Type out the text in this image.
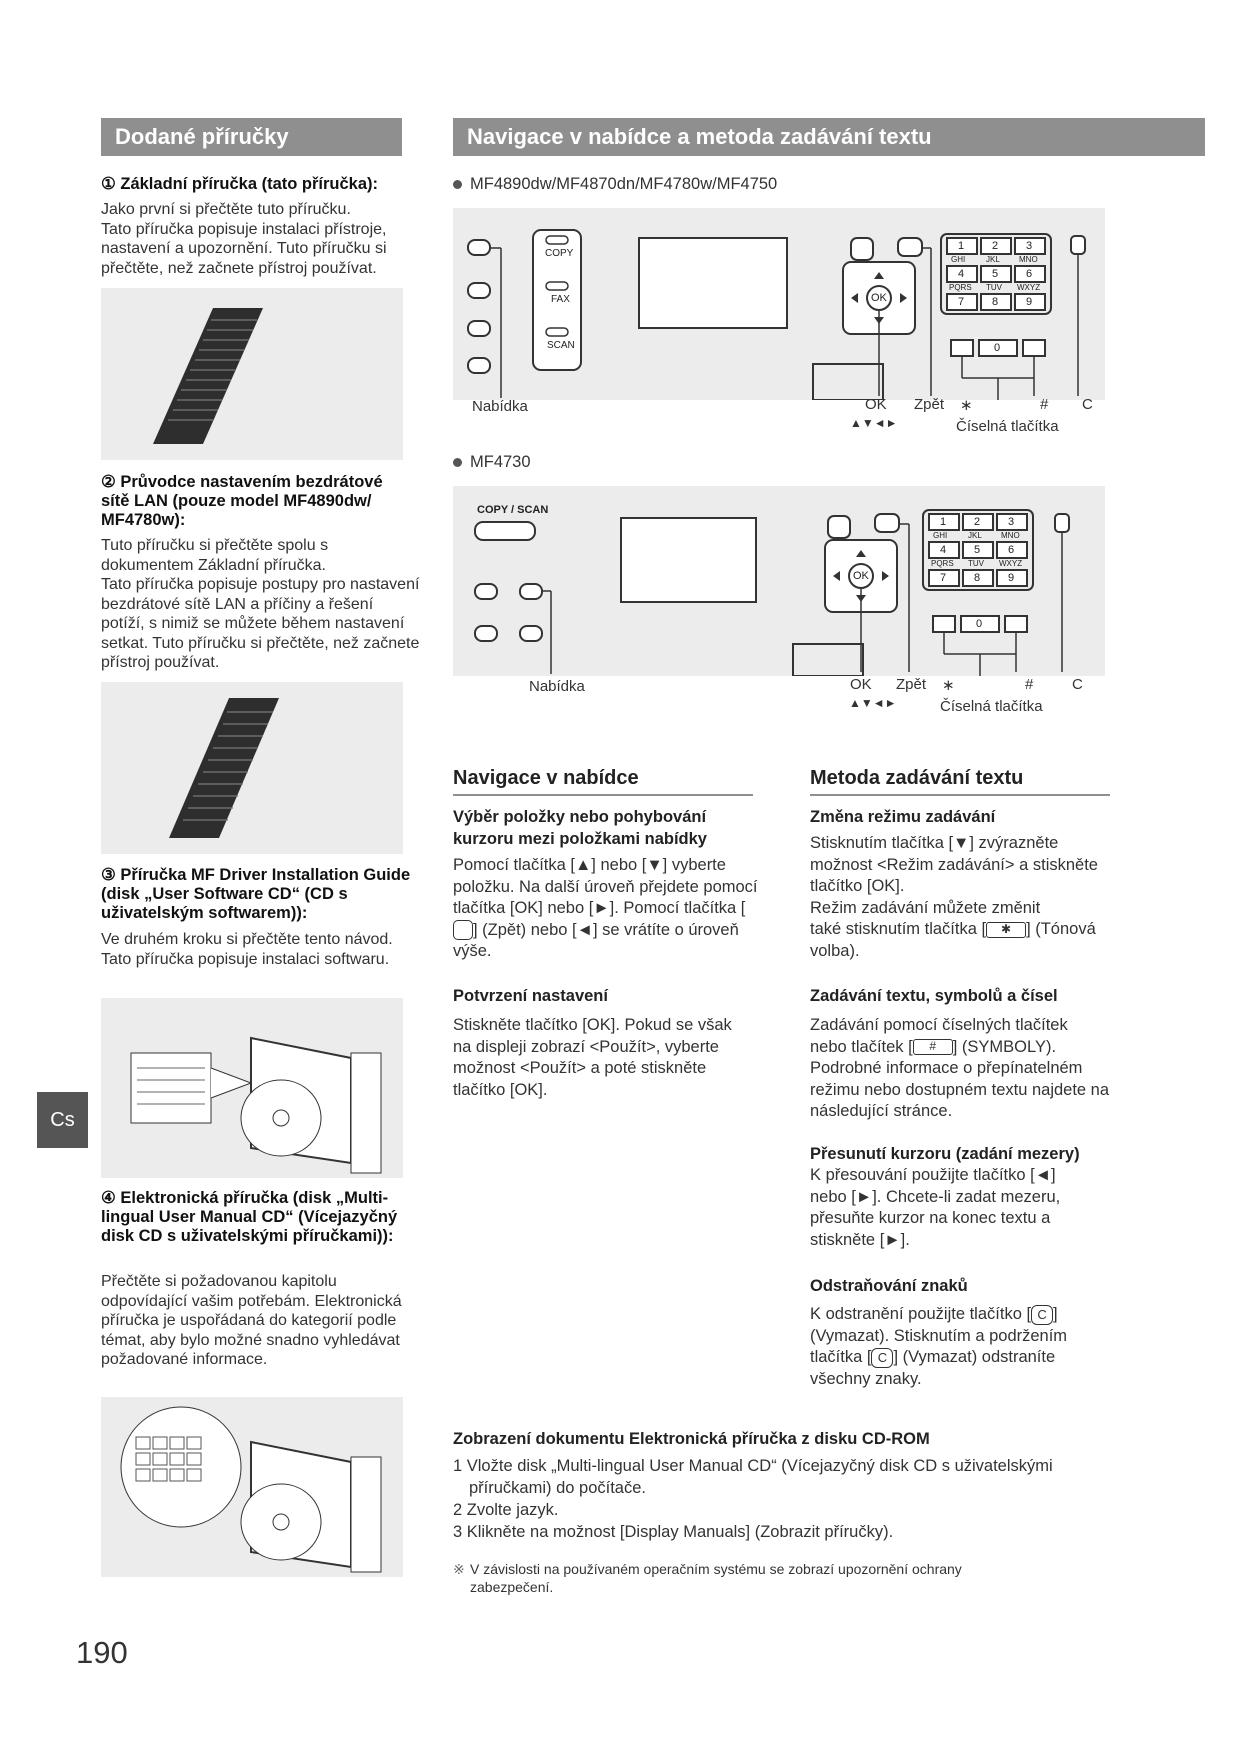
Dodané příručky
① Základní příručka (tato příručka):
Jako první si přečtěte tuto příručku.
Tato příručka popisuje instalaci přístroje, nastavení a upozornění. Tuto příručku si přečtěte, než začnete přístroj používat.
② Průvodce nastavením bezdrátové sítě LAN (pouze model MF4890dw/ MF4780w):
Tuto příručku si přečtěte spolu s dokumentem Základní příručka.
Tato příručka popisuje postupy pro nastavení bezdrátové sítě LAN a příčiny a řešení potíží, s nimiž se můžete během nastavení setkat. Tuto příručku si přečtěte, než začnete přístroj používat.
③ Příručka MF Driver Installation Guide (disk „User Software CD“ (CD s uživatelským softwarem)):
Ve druhém kroku si přečtěte tento návod. Tato příručka popisuje instalaci softwaru.
④ Elektronická příručka (disk „Multi-lingual User Manual CD“ (Vícejazyčný disk CD s uživatelskými příručkami)):
Přečtěte si požadovanou kapitolu odpovídající vašim potřebám. Elektronická příručka je uspořádaná do kategorií podle témat, aby bylo možné snadno vyhledávat požadované informace.
Cs
190
Navigace v nabídce a metoda zadávání textu
MF4890dw/MF4870dn/MF4780w/MF4750
COPY
FAX
SCAN
OK
1	2	3
GHI	JKL MNO
4	5	6
PQRS TUV WXYZ
7	8	9
0
Nabídka	OK
▲▼◄►
Zpět ∗	# C
Číselná tlačítka
MF4730
COPY / SCAN
OK
1	2	3
GHI	JKL MNO
4	5	6
PQRS TUV WXYZ
7	8	9
0
Nabídka	OK
▲▼◄►
Zpět ∗	#	C
Číselná tlačítka
Navigace v nabídce
Výběr položky nebo pohybování kurzoru mezi položkami nabídky
Pomocí tlačítka [▲] nebo [▼] vyberte položku. Na další úroveň přejdete pomocí tlačítka [OK] nebo [►]. Pomocí tlačítka [] (Zpět) nebo [◄] se vrátíte o úroveň výše.
Potvrzení nastavení
Stiskněte tlačítko [OK]. Pokud se však na displeji zobrazí <Použít>, vyberte možnost <Použít> a poté stiskněte tlačítko [OK].
Metoda zadávání textu
Změna režimu zadávání
Stisknutím tlačítka [▼] zvýrazněte možnost <Režim zadávání> a stiskněte tlačítko [OK].
Režim zadávání můžete změnit
také stisknutím tlačítka [ ✱ ] (Tónová volba).
Zadávání textu, symbolů a čísel
Zadávání pomocí číselných tlačítek
nebo tlačítek [ # ] (SYMBOLY).
Podrobné informace o přepínatelném režimu nebo dostupném textu najdete na následující stránce.
Přesunutí kurzoru (zadání mezery)
K přesouvání použijte tlačítko [◄] nebo [►]. Chcete-li zadat mezeru, přesuňte kurzor na konec textu a stiskněte [►].
Odstraňování znaků
K odstranění použijte tlačítko [ C ]
(Vymazat). Stisknutím a podržením
tlačítka [ C ] (Vymazat) odstraníte
všechny znaky.
Zobrazení dokumentu Elektronická příručka z disku CD-ROM
1 Vložte disk „Multi-lingual User Manual CD“ (Vícejazyčný disk CD s uživatelskými příručkami) do počítače.
2 Zvolte jazyk.
3 Klikněte na možnost [Display Manuals] (Zobrazit příručky).
※ V závislosti na používaném operačním systému se zobrazí upozornění ochrany zabezpečení.
